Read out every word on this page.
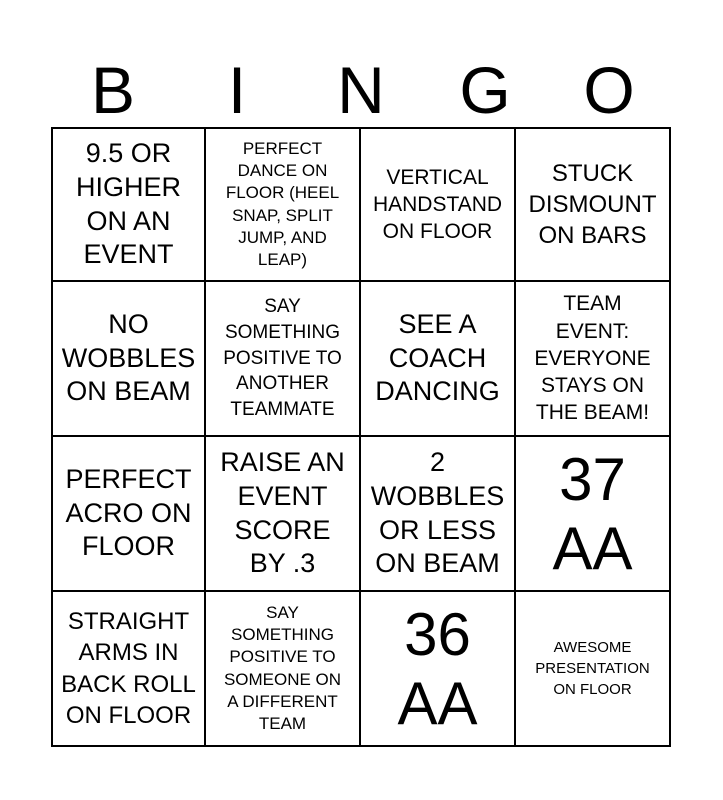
B	I	N	G	O
9.5 OR
HIGHER
ON AN
EVENT
PERFECT
DANCE ON
FLOOR (HEEL
SNAP, SPLIT
JUMP, AND
LEAP)
VERTICAL
HANDSTAND
ON FLOOR
STUCK
DISMOUNT
ON BARS
NO
WOBBLES
ON BEAM
SAY
SOMETHING
POSITIVE TO
ANOTHER
TEAMMATE
SEE A
COACH
DANCING
TEAM
EVENT:
EVERYONE
STAYS ON
THE BEAM!
PERFECT
ACRO ON
FLOOR
RAISE AN
EVENT
SCORE
BY .3
2
WOBBLES
OR LESS
ON BEAM
37
AA
STRAIGHT
ARMS IN
BACK ROLL
ON FLOOR
SAY
SOMETHING
POSITIVE TO
SOMEONE ON
A DIFFERENT
TEAM
36
AA
AWESOME
PRESENTATION
ON FLOOR
